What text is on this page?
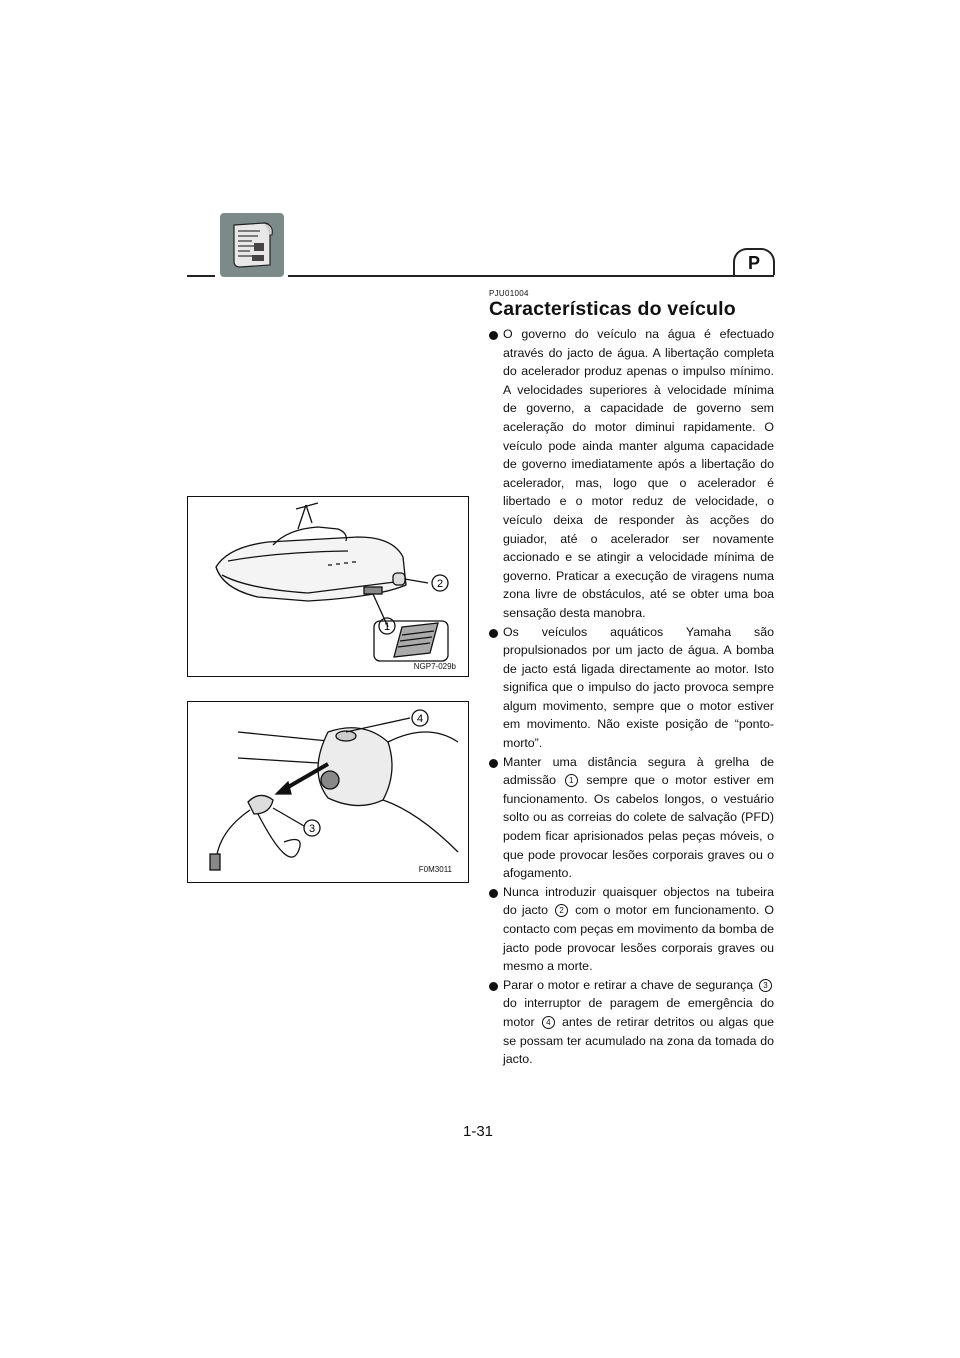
P
PJU01004
Características do veículo

O governo do veículo na água é efectuado através do jacto de água. A libertação completa do acelerador produz apenas o impulso mínimo. A velocidades superiores à velocidade mínima de governo, a capacidade de governo sem aceleração do motor diminui rapidamente. O veículo pode ainda manter alguma capacidade de governo imediatamente após a libertação do acelerador, mas, logo que o acelerador é libertado e o motor reduz de velocidade, o veículo deixa de responder às acções do guiador, até o acelerador ser novamente accionado e se atingir a velocidade mínima de governo. Praticar a execução de viragens numa zona livre de obstáculos, até se obter uma boa sensação desta manobra.

Os veículos aquáticos Yamaha são propulsionados por um jacto de água. A bomba de jacto está ligada directamente ao motor. Isto significa que o impulso do jacto provoca sempre algum movimento, sempre que o motor estiver em movimento. Não existe posição de “ponto-morto”.

Manter uma distância segura à grelha de admissão 1 sempre que o motor estiver em funcionamento. Os cabelos longos, o vestuário solto ou as correias do colete de salvação (PFD) podem ficar aprisionados pelas peças móveis, o que pode provocar lesões corporais graves ou o afogamento.

Nunca introduzir quaisquer objectos na tubeira do jacto 2 com o motor em funcionamento. O contacto com peças em movimento da bomba de jacto pode provocar lesões corporais graves ou mesmo a morte.

Parar o motor e retirar a chave de segurança 3 do interruptor de paragem de emergência do motor 4 antes de retirar detritos ou algas que se possam ter acumulado na zona da tomada do jacto.

2
1
NGP7-029b
4
3
F0M3011
1-31
